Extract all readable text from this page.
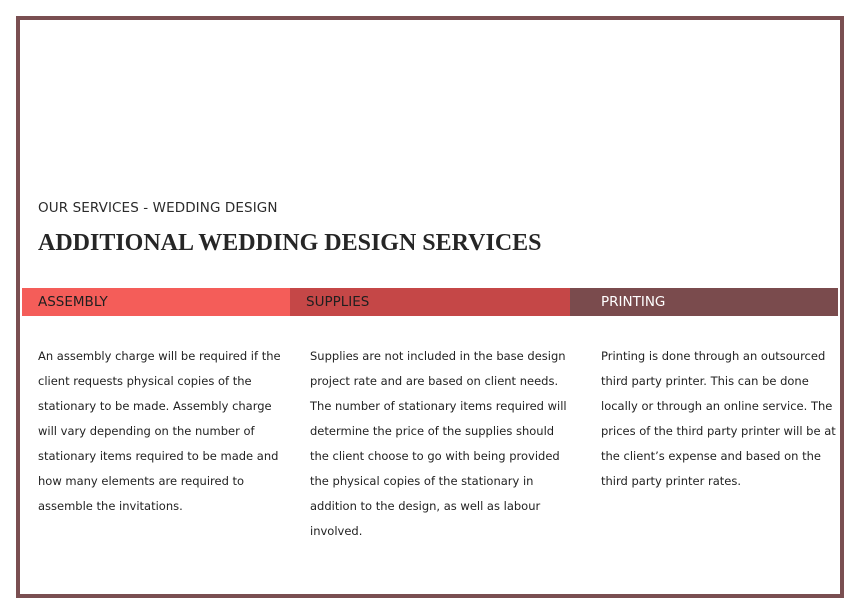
OUR SERVICES - WEDDING DESIGN
ADDITIONAL WEDDING DESIGN SERVICES
ASSEMBLY	SUPPLIES	PRINTING
An assembly charge will be required if the client requests physical copies of the stationary to be made. Assembly charge will vary depending on the number of stationary items required to be made and how many elements are required to assemble the invitations.
Supplies are not included in the base design project rate and are based on client needs. The number of stationary items required will determine the price of the supplies should the client choose to go with being provided the physical copies of the stationary in addition to the design, as well as labour involved.
Printing is done through an outsourced third party printer. This can be done locally or through an online service. The prices of the third party printer will be at the client’s expense and based on the third party printer rates.
